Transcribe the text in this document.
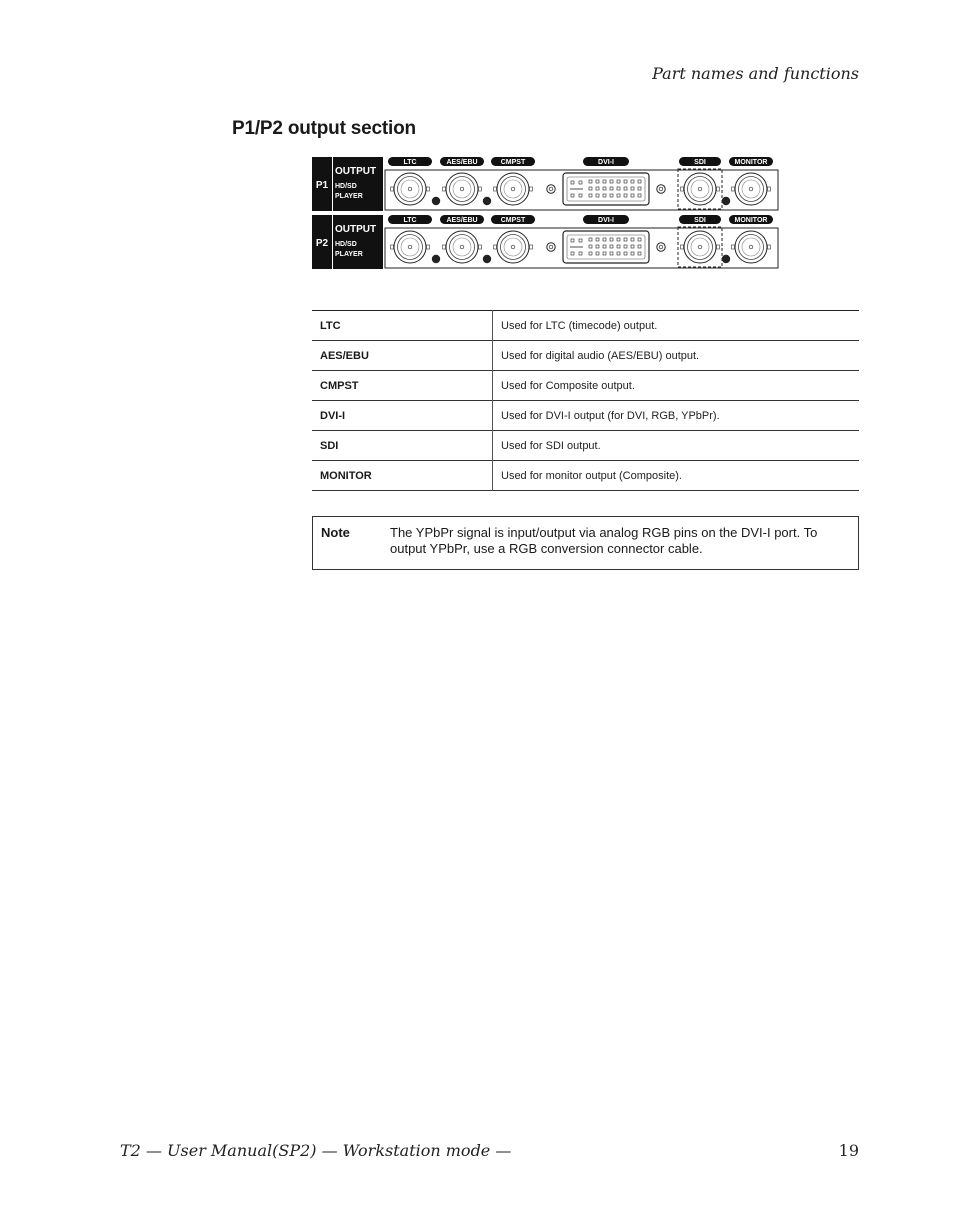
Part names and functions
P1/P2 output section
P1
OUTPUT
HD/SD
PLAYER
LTC	AES/EBU	CMPST	DVI-I	SDI	MONITOR
P2
OUTPUT
HD/SD
PLAYER
LTC	AES/EBU	CMPST	DVI-I	SDI	MONITOR
LTC	Used for LTC (timecode) output.
AES/EBU	Used for digital audio (AES/EBU) output.
CMPST	Used for Composite output.
DVI-I	Used for DVI-I output (for DVI, RGB, YPbPr).
SDI	Used for SDI output.
MONITOR	Used for monitor output (Composite).
Note	The YPbPr signal is input/output via analog RGB pins on the DVI-I port. To output YPbPr, use a RGB conversion connector cable.
T2 — User Manual(SP2) — Workstation mode —	19
